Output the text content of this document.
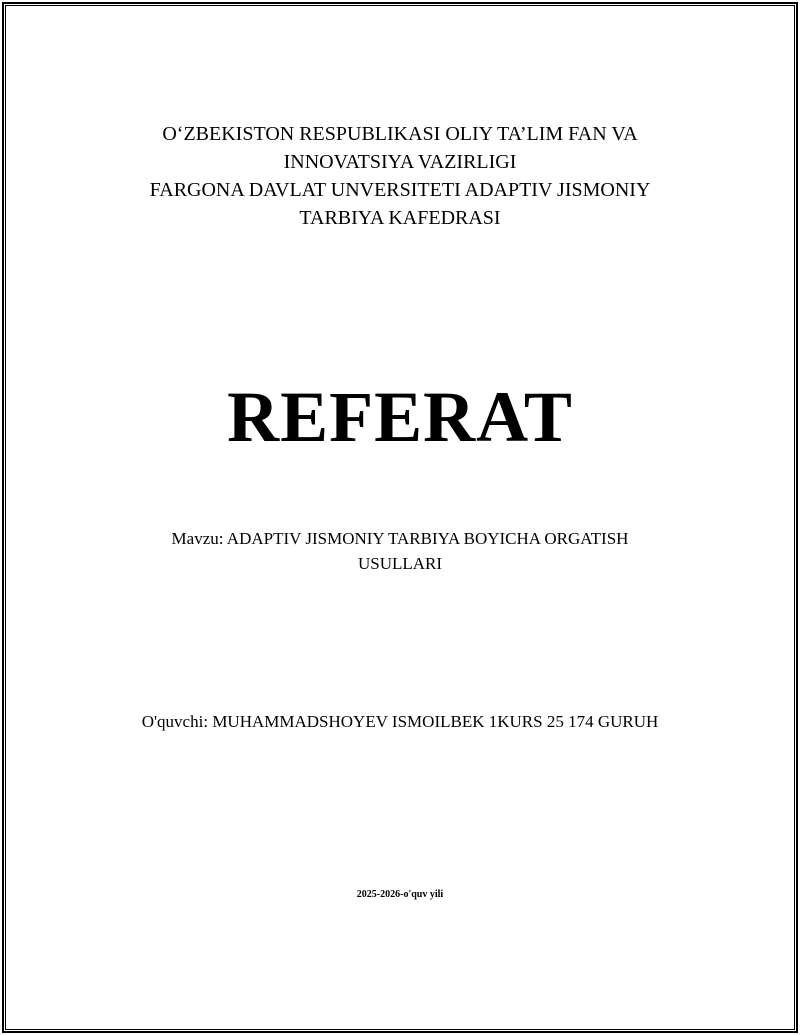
O‘ZBEKISTON RESPUBLIKASI OLIY TA’LIM FAN VA
INNOVATSIYA VAZIRLIGI
FARGONA DAVLAT UNVERSITETI ADAPTIV JISMONIY
TARBIYA KAFEDRASI
REFERAT
Mavzu: ADAPTIV JISMONIY TARBIYA BOYICHA ORGATISH USULLARI
O'quvchi: MUHAMMADSHOYEV ISMOILBEK 1KURS 25 174 GURUH
2025-2026-o'quv yili
